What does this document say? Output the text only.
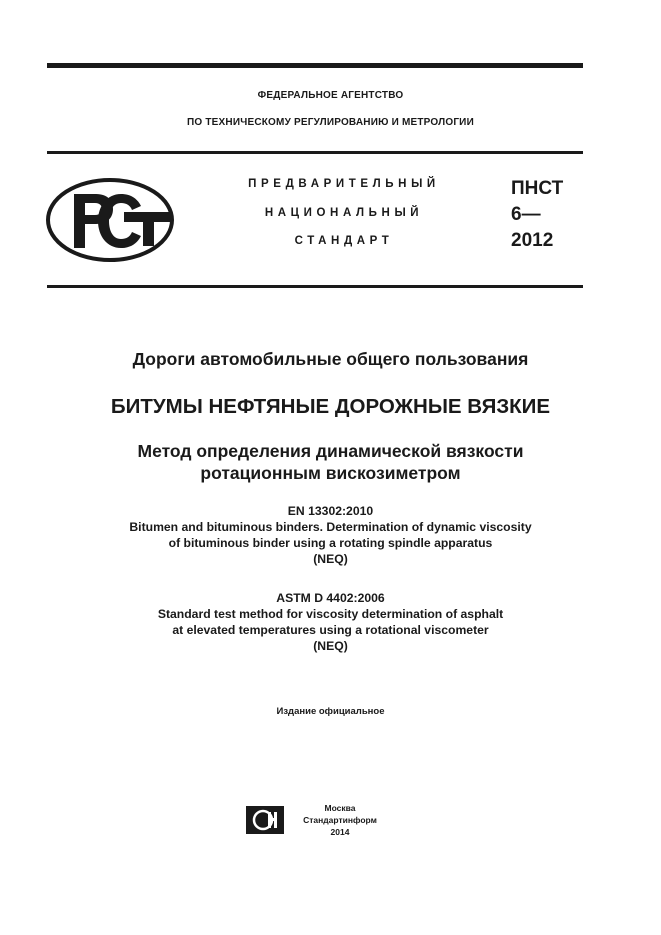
ФЕДЕРАЛЬНОЕ АГЕНТСТВО
ПО ТЕХНИЧЕСКОМУ РЕГУЛИРОВАНИЮ И МЕТРОЛОГИИ
ПРЕДВАРИТЕЛЬНЫЙ
НАЦИОНАЛЬНЫЙ
СТАНДАРТ
ПНСТ
6—
2012
Дороги автомобильные общего пользования
БИТУМЫ НЕФТЯНЫЕ ДОРОЖНЫЕ ВЯЗКИЕ
Метод определения динамической вязкости
ротационным вискозиметром
EN 13302:2010
Bitumen and bituminous binders. Determination of dynamic viscosity
of bituminous binder using a rotating spindle apparatus
(NEQ)
ASTM D 4402:2006
Standard test method for viscosity determination of asphalt
at elevated temperatures using a rotational viscometer
(NEQ)
Издание официальное
Москва
Стандартинформ
2014
